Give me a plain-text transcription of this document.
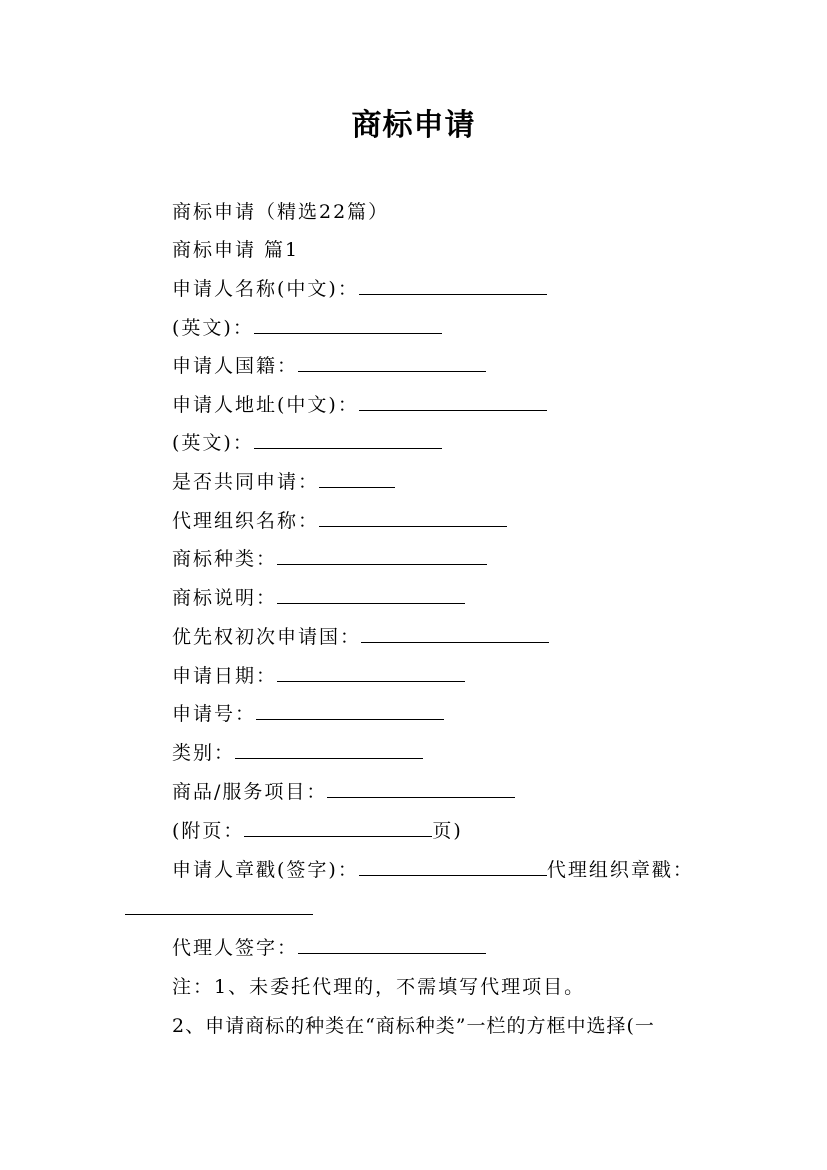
商标申请
商标申请（精选22篇）
商标申请 篇1
申请人名称(中文)：
(英文)：
申请人国籍：
申请人地址(中文)：
(英文)：
是否共同申请：
代理组织名称：
商标种类：
商标说明：
优先权初次申请国：
申请日期：
申请号：
类别：
商品/服务项目：
(附页：	页)
申请人章戳(签字)：	代理组织章戳：
代理人签字：
注：1、未委托代理的，不需填写代理项目。
2、申请商标的种类在“商标种类”一栏的方框中选择(一
